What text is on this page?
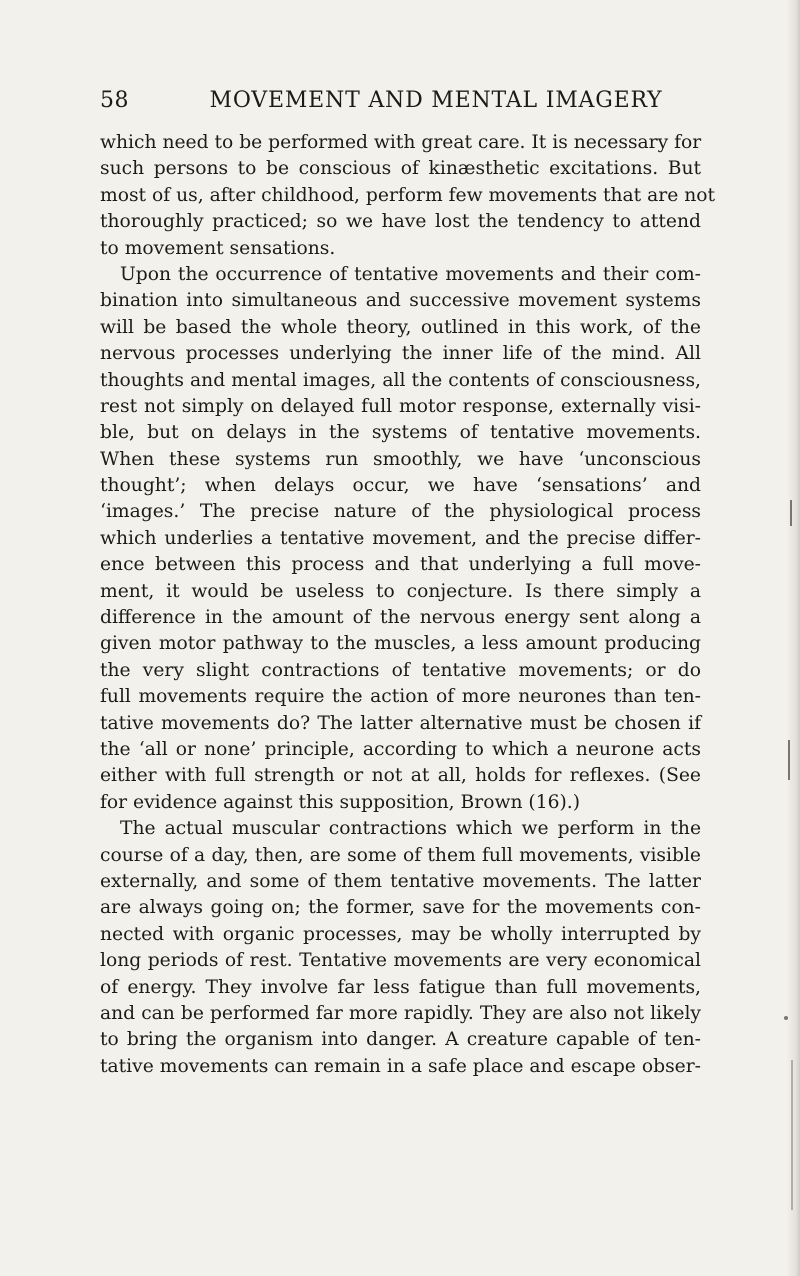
58	MOVEMENT AND MENTAL IMAGERY
which need to be performed with great care. It is necessary for
such persons to be conscious of kinæsthetic excitations. But
most of us, after childhood, perform few movements that are not
thoroughly practiced; so we have lost the tendency to attend
to movement sensations.
Upon the occurrence of tentative movements and their com-
bination into simultaneous and successive movement systems
will be based the whole theory, outlined in this work, of the
nervous processes underlying the inner life of the mind. All
thoughts and mental images, all the contents of consciousness,
rest not simply on delayed full motor response, externally visi-
ble, but on delays in the systems of tentative movements.
When these systems run smoothly, we have ‘unconscious
thought’; when delays occur, we have ‘sensations’ and
‘images.’ The precise nature of the physiological process
which underlies a tentative movement, and the precise differ-
ence between this process and that underlying a full move-
ment, it would be useless to conjecture. Is there simply a
difference in the amount of the nervous energy sent along a
given motor pathway to the muscles, a less amount producing
the very slight contractions of tentative movements; or do
full movements require the action of more neurones than ten-
tative movements do? The latter alternative must be chosen if
the ‘all or none’ principle, according to which a neurone acts
either with full strength or not at all, holds for reflexes. (See
for evidence against this supposition, Brown (16).)
The actual muscular contractions which we perform in the
course of a day, then, are some of them full movements, visible
externally, and some of them tentative movements. The latter
are always going on; the former, save for the movements con-
nected with organic processes, may be wholly interrupted by
long periods of rest. Tentative movements are very economical
of energy. They involve far less fatigue than full movements,
and can be performed far more rapidly. They are also not likely
to bring the organism into danger. A creature capable of ten-
tative movements can remain in a safe place and escape obser-
